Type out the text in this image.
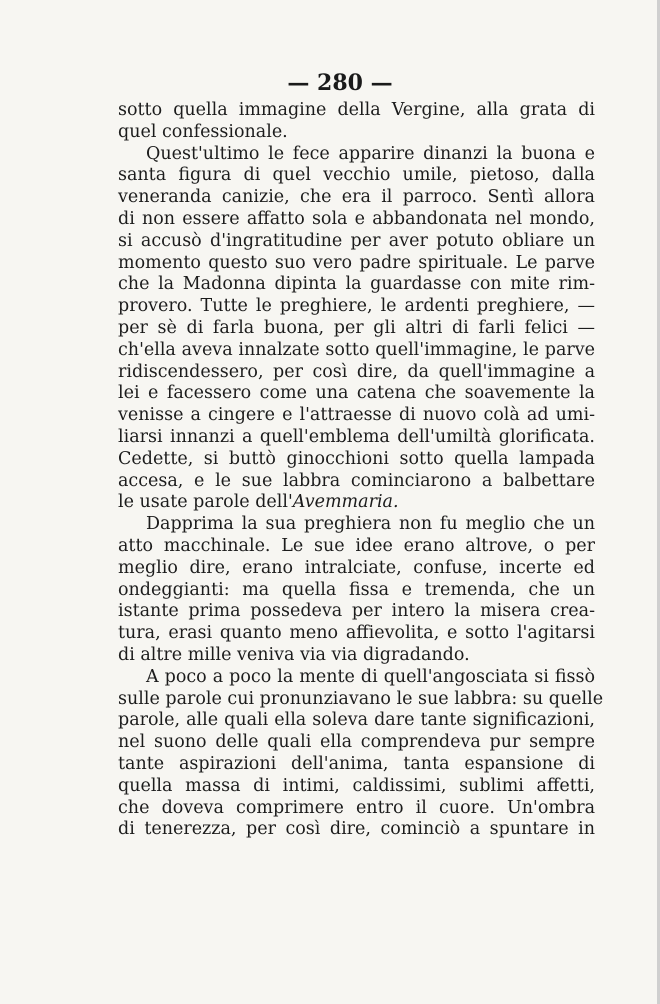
— 280 —
sotto quella immagine della Vergine, alla grata di
quel confessionale.
Quest'ultimo le fece apparire dinanzi la buona e
santa figura di quel vecchio umile, pietoso, dalla
veneranda canizie, che era il parroco. Sentì allora
di non essere affatto sola e abbandonata nel mondo,
si accusò d'ingratitudine per aver potuto obliare un
momento questo suo vero padre spirituale. Le parve
che la Madonna dipinta la guardasse con mite rim-
provero. Tutte le preghiere, le ardenti preghiere, —
per sè di farla buona, per gli altri di farli felici —
ch'ella aveva innalzate sotto quell'immagine, le parve
ridiscendessero, per così dire, da quell'immagine a
lei e facessero come una catena che soavemente la
venisse a cingere e l'attraesse di nuovo colà ad umi-
liarsi innanzi a quell'emblema dell'umiltà glorificata.
Cedette, si buttò ginocchioni sotto quella lampada
accesa, e le sue labbra cominciarono a balbettare
le usate parole dell'Avemmaria.
Dapprima la sua preghiera non fu meglio che un
atto macchinale. Le sue idee erano altrove, o per
meglio dire, erano intralciate, confuse, incerte ed
ondeggianti: ma quella fissa e tremenda, che un
istante prima possedeva per intero la misera crea-
tura, erasi quanto meno affievolita, e sotto l'agitarsi
di altre mille veniva via via digradando.
A poco a poco la mente di quell'angosciata si fissò
sulle parole cui pronunziavano le sue labbra: su quelle
parole, alle quali ella soleva dare tante significazioni,
nel suono delle quali ella comprendeva pur sempre
tante aspirazioni dell'anima, tanta espansione di
quella massa di intimi, caldissimi, sublimi affetti,
che doveva comprimere entro il cuore. Un'ombra
di tenerezza, per così dire, cominciò a spuntare in
